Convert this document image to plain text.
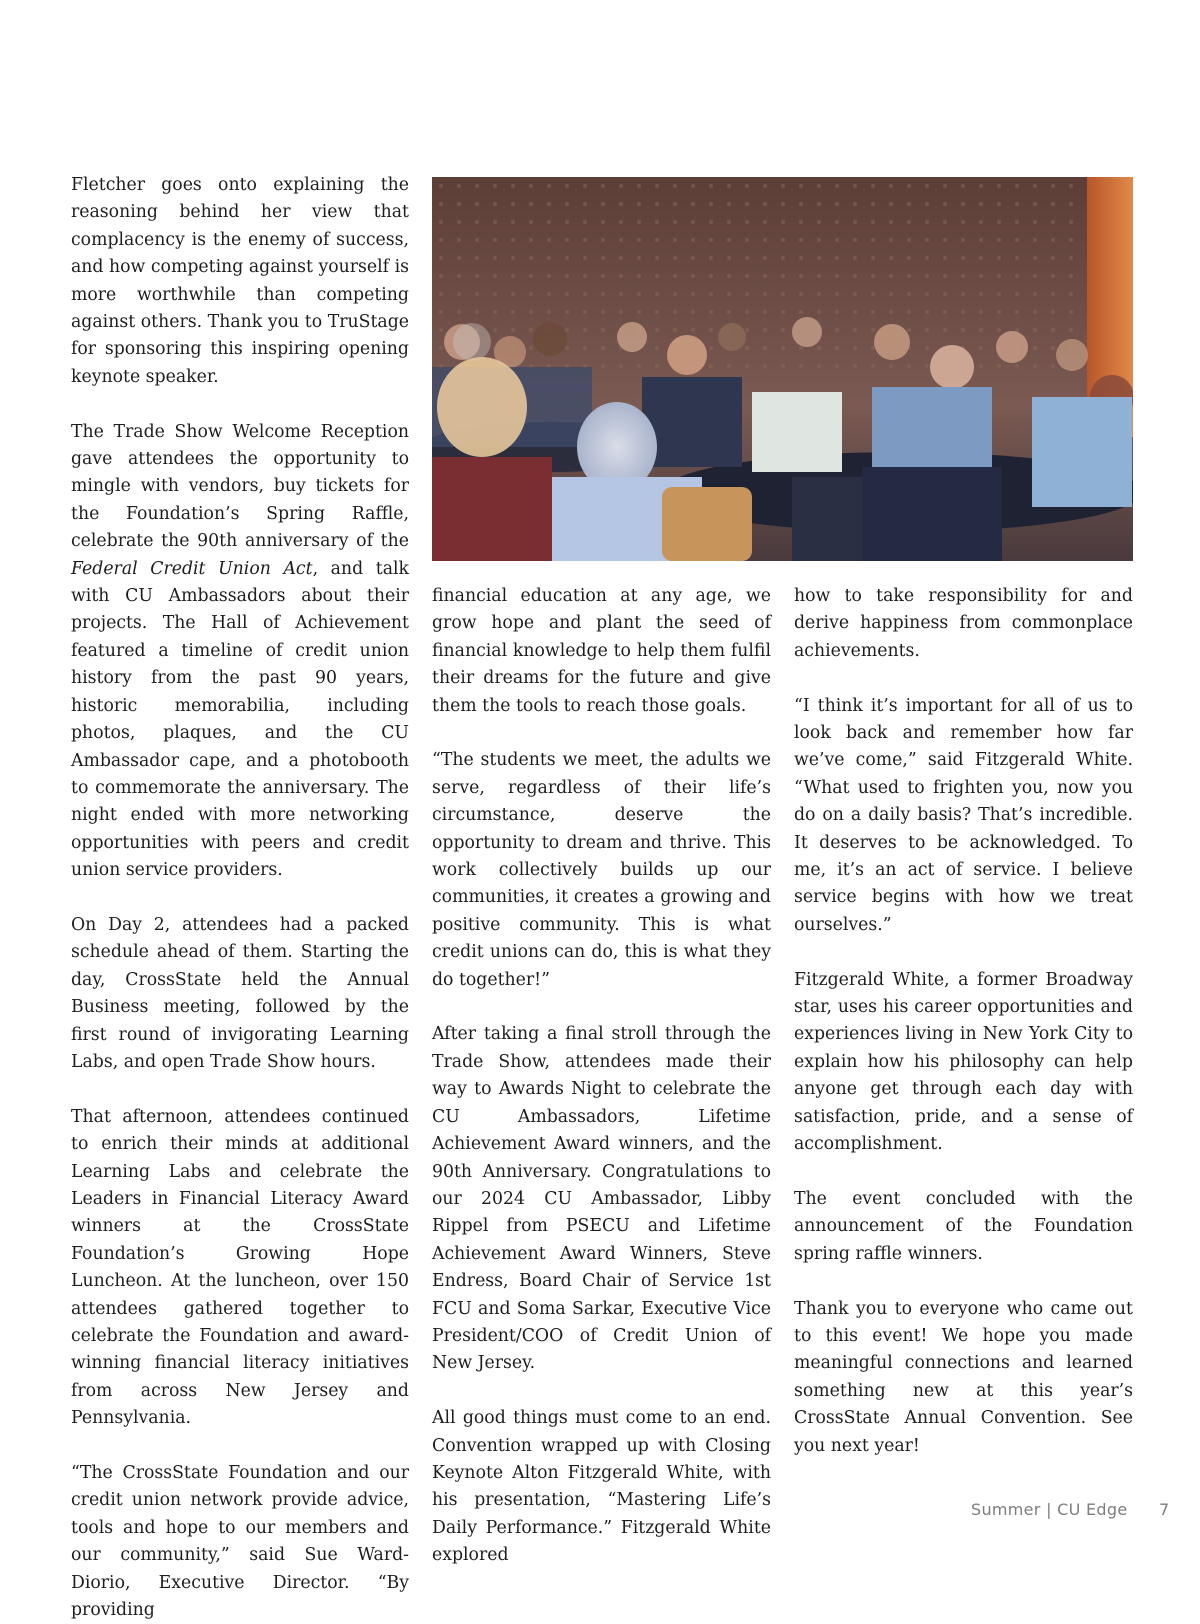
Fletcher goes onto explaining the reasoning behind her view that complacency is the enemy of success, and how competing against yourself is more worthwhile than competing against others. Thank you to TruStage for sponsoring this inspiring opening keynote speaker.

The Trade Show Welcome Reception gave attendees the opportunity to mingle with vendors, buy tickets for the Foundation’s Spring Raffle, celebrate the 90th anniversary of the Federal Credit Union Act, and talk with CU Ambassadors about their projects. The Hall of Achievement featured a timeline of credit union history from the past 90 years, historic memorabilia, including photos, plaques, and the CU Ambassador cape, and a photobooth to commemorate the anniversary. The night ended with more networking opportunities with peers and credit union service providers.

On Day 2, attendees had a packed schedule ahead of them. Starting the day, CrossState held the Annual Business meeting, followed by the first round of invigorating Learning Labs, and open Trade Show hours.

That afternoon, attendees continued to enrich their minds at additional Learning Labs and celebrate the Leaders in Financial Literacy Award winners at the CrossState Foundation’s Growing Hope Luncheon. At the luncheon, over 150 attendees gathered together to celebrate the Foundation and award-winning financial literacy initiatives from across New Jersey and Pennsylvania.

“The CrossState Foundation and our credit union network provide advice, tools and hope to our members and our community,” said Sue Ward-Diorio, Executive Director. “By providing

financial education at any age, we grow hope and plant the seed of financial knowledge to help them fulfil their dreams for the future and give them the tools to reach those goals.

“The students we meet, the adults we serve, regardless of their life’s circumstance, deserve the opportunity to dream and thrive. This work collectively builds up our communities, it creates a growing and positive community. This is what credit unions can do, this is what they do together!”

After taking a final stroll through the Trade Show, attendees made their way to Awards Night to celebrate the CU Ambassadors, Lifetime Achievement Award winners, and the 90th Anniversary. Congratulations to our 2024 CU Ambassador, Libby Rippel from PSECU and Lifetime Achievement Award Winners, Steve Endress, Board Chair of Service 1st FCU and Soma Sarkar, Executive Vice President/COO of Credit Union of New Jersey.

All good things must come to an end. Convention wrapped up with Closing Keynote Alton Fitzgerald White, with his presentation, “Mastering Life’s Daily Performance.” Fitzgerald White explored

how to take responsibility for and derive happiness from commonplace achievements.

“I think it’s important for all of us to look back and remember how far we’ve come,” said Fitzgerald White. “What used to frighten you, now you do on a daily basis? That’s incredible. It deserves to be acknowledged. To me, it’s an act of service. I believe service begins with how we treat ourselves.”

Fitzgerald White, a former Broadway star, uses his career opportunities and experiences living in New York City to explain how his philosophy can help anyone get through each day with satisfaction, pride, and a sense of accomplishment.

The event concluded with the announcement of the Foundation spring raffle winners.

Thank you to everyone who came out to this event! We hope you made meaningful connections and learned something new at this year’s CrossState Annual Convention. See you next year!

Summer | CU Edge 7
